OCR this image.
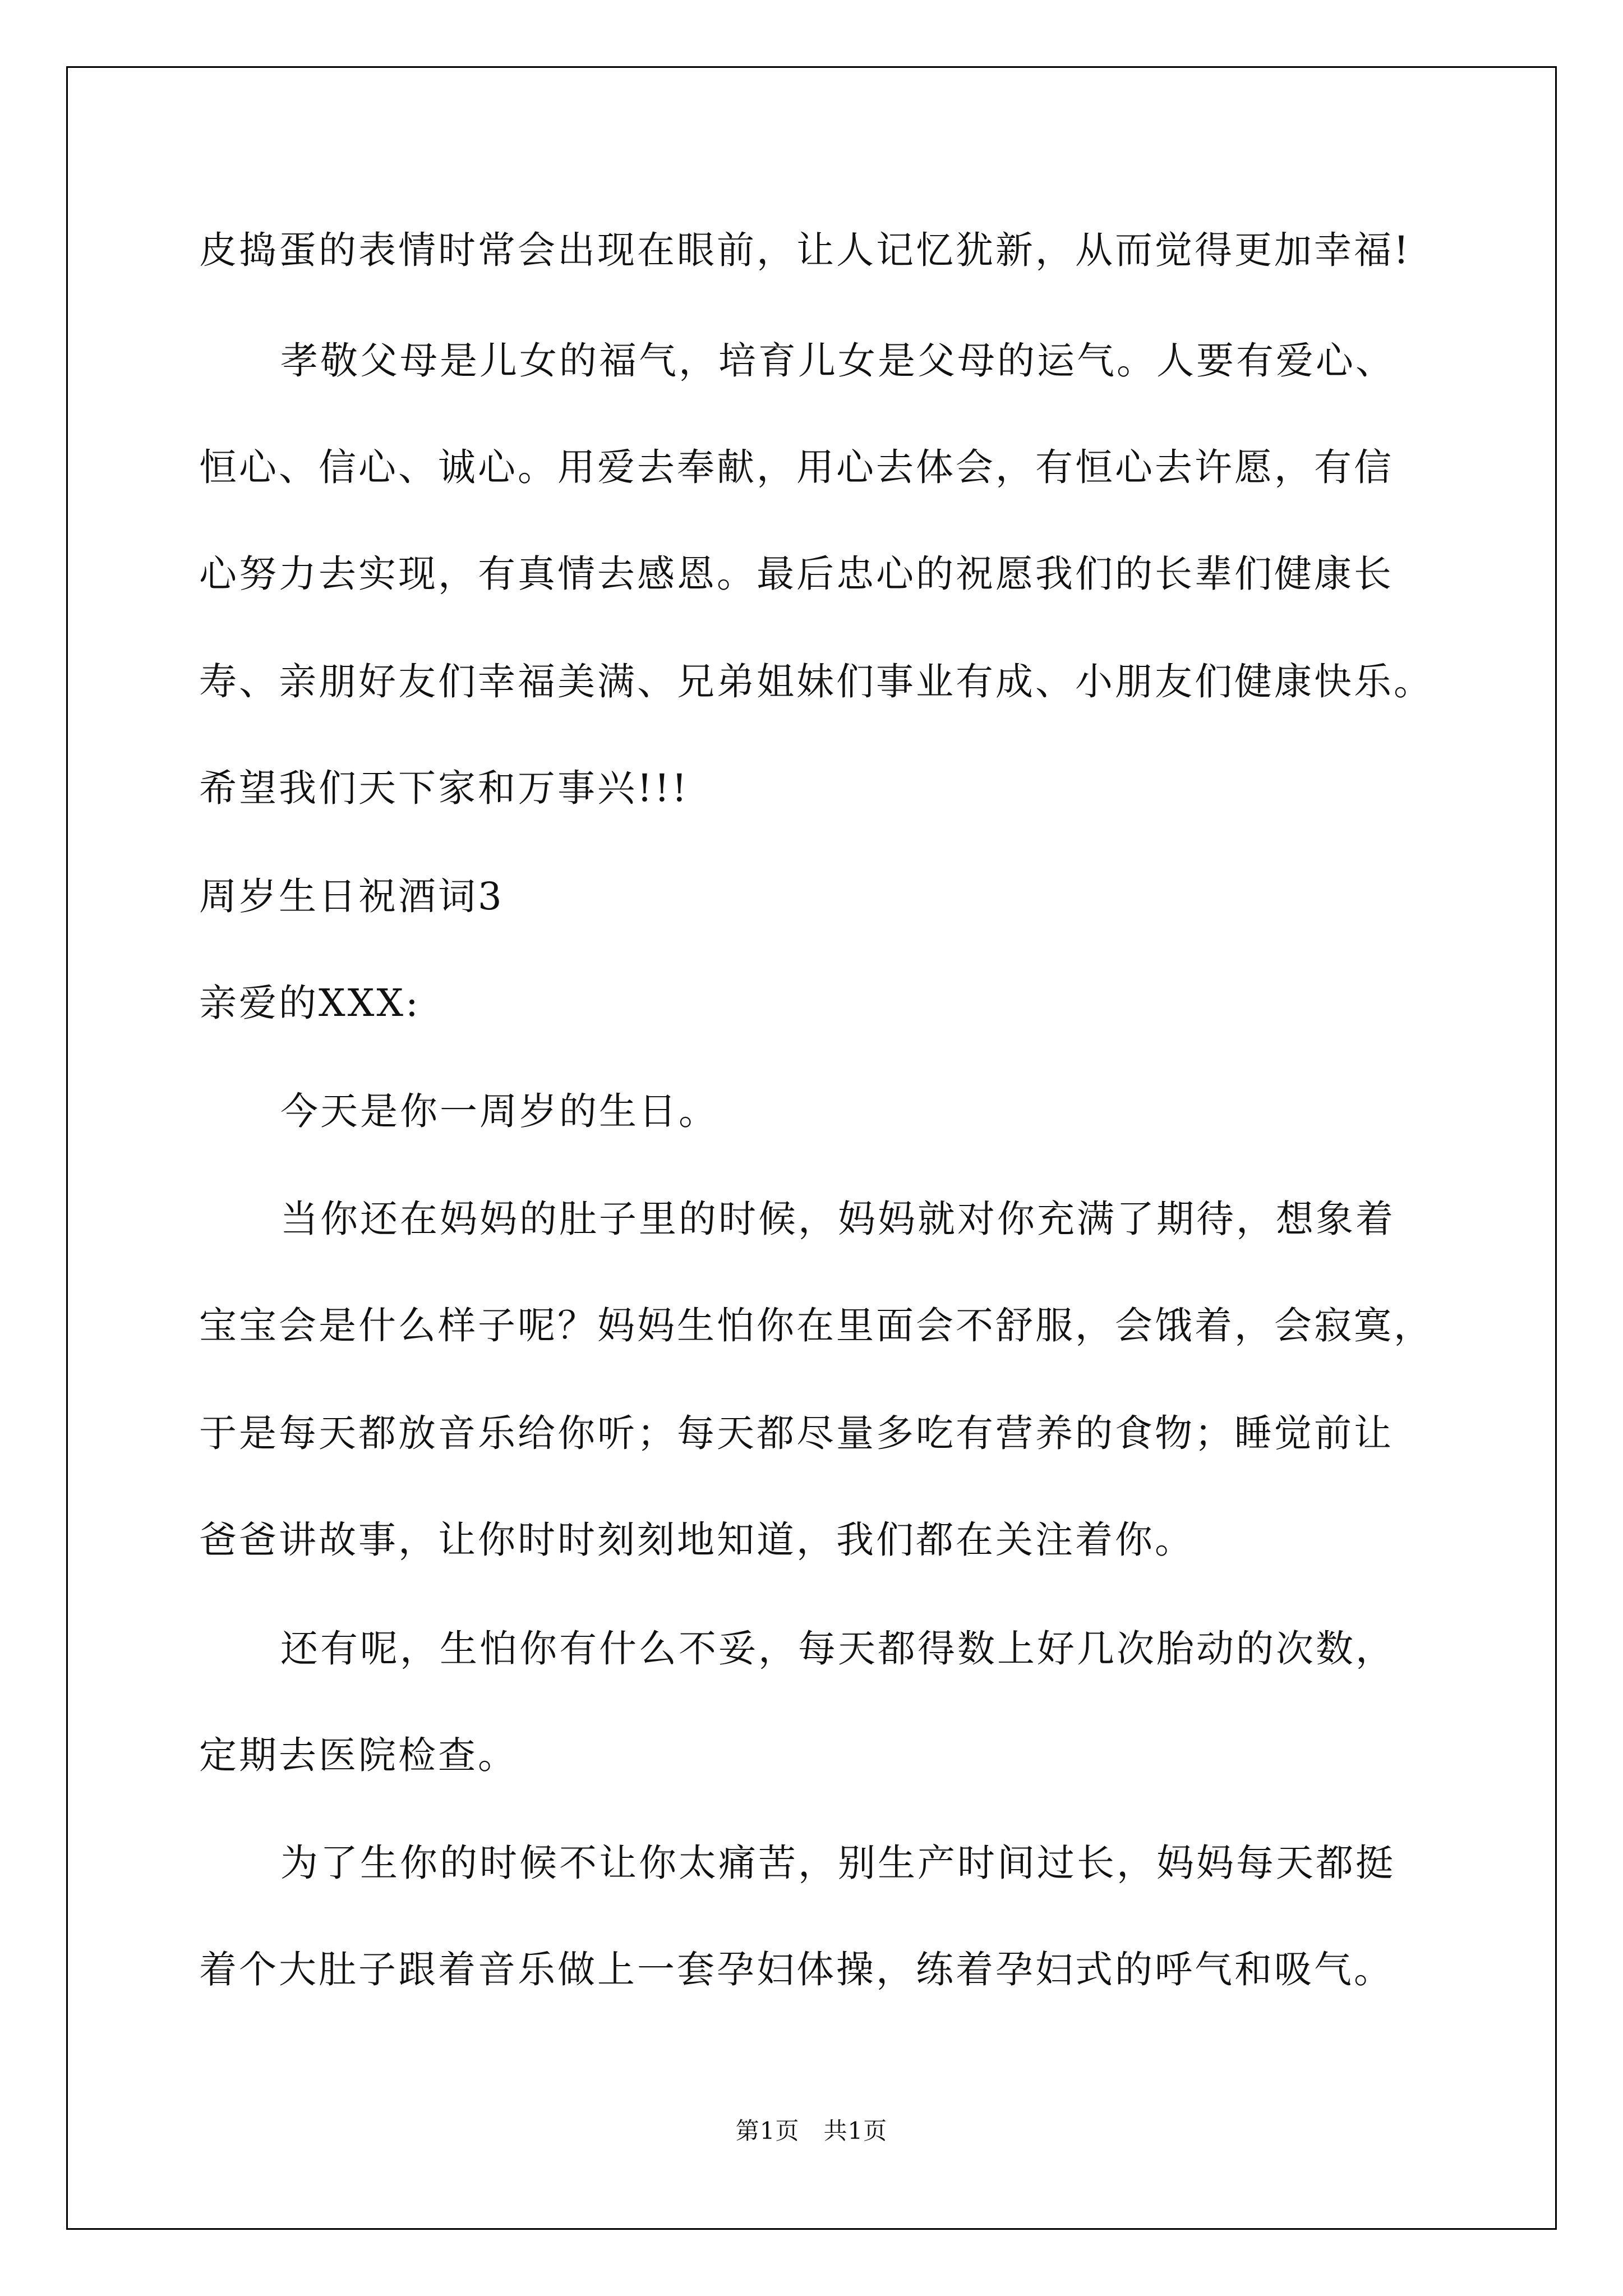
皮捣蛋的表情时常会出现在眼前，让人记忆犹新，从而觉得更加幸福!
孝敬父母是儿女的福气，培育儿女是父母的运气。人要有爱心、
恒心、信心、诚心。用爱去奉献，用心去体会，有恒心去许愿，有信
心努力去实现，有真情去感恩。最后忠心的祝愿我们的长辈们健康长
寿、亲朋好友们幸福美满、兄弟姐妹们事业有成、小朋友们健康快乐。
希望我们天下家和万事兴!!!
周岁生日祝酒词3
亲爱的XXX:
今天是你一周岁的生日。
当你还在妈妈的肚子里的时候，妈妈就对你充满了期待，想象着
宝宝会是什么样子呢？妈妈生怕你在里面会不舒服，会饿着，会寂寞，
于是每天都放音乐给你听；每天都尽量多吃有营养的食物；睡觉前让
爸爸讲故事，让你时时刻刻地知道，我们都在关注着你。
还有呢，生怕你有什么不妥，每天都得数上好几次胎动的次数，
定期去医院检查。
为了生你的时候不让你太痛苦，别生产时间过长，妈妈每天都挺
着个大肚子跟着音乐做上一套孕妇体操，练着孕妇式的呼气和吸气。
第1页   共1页
